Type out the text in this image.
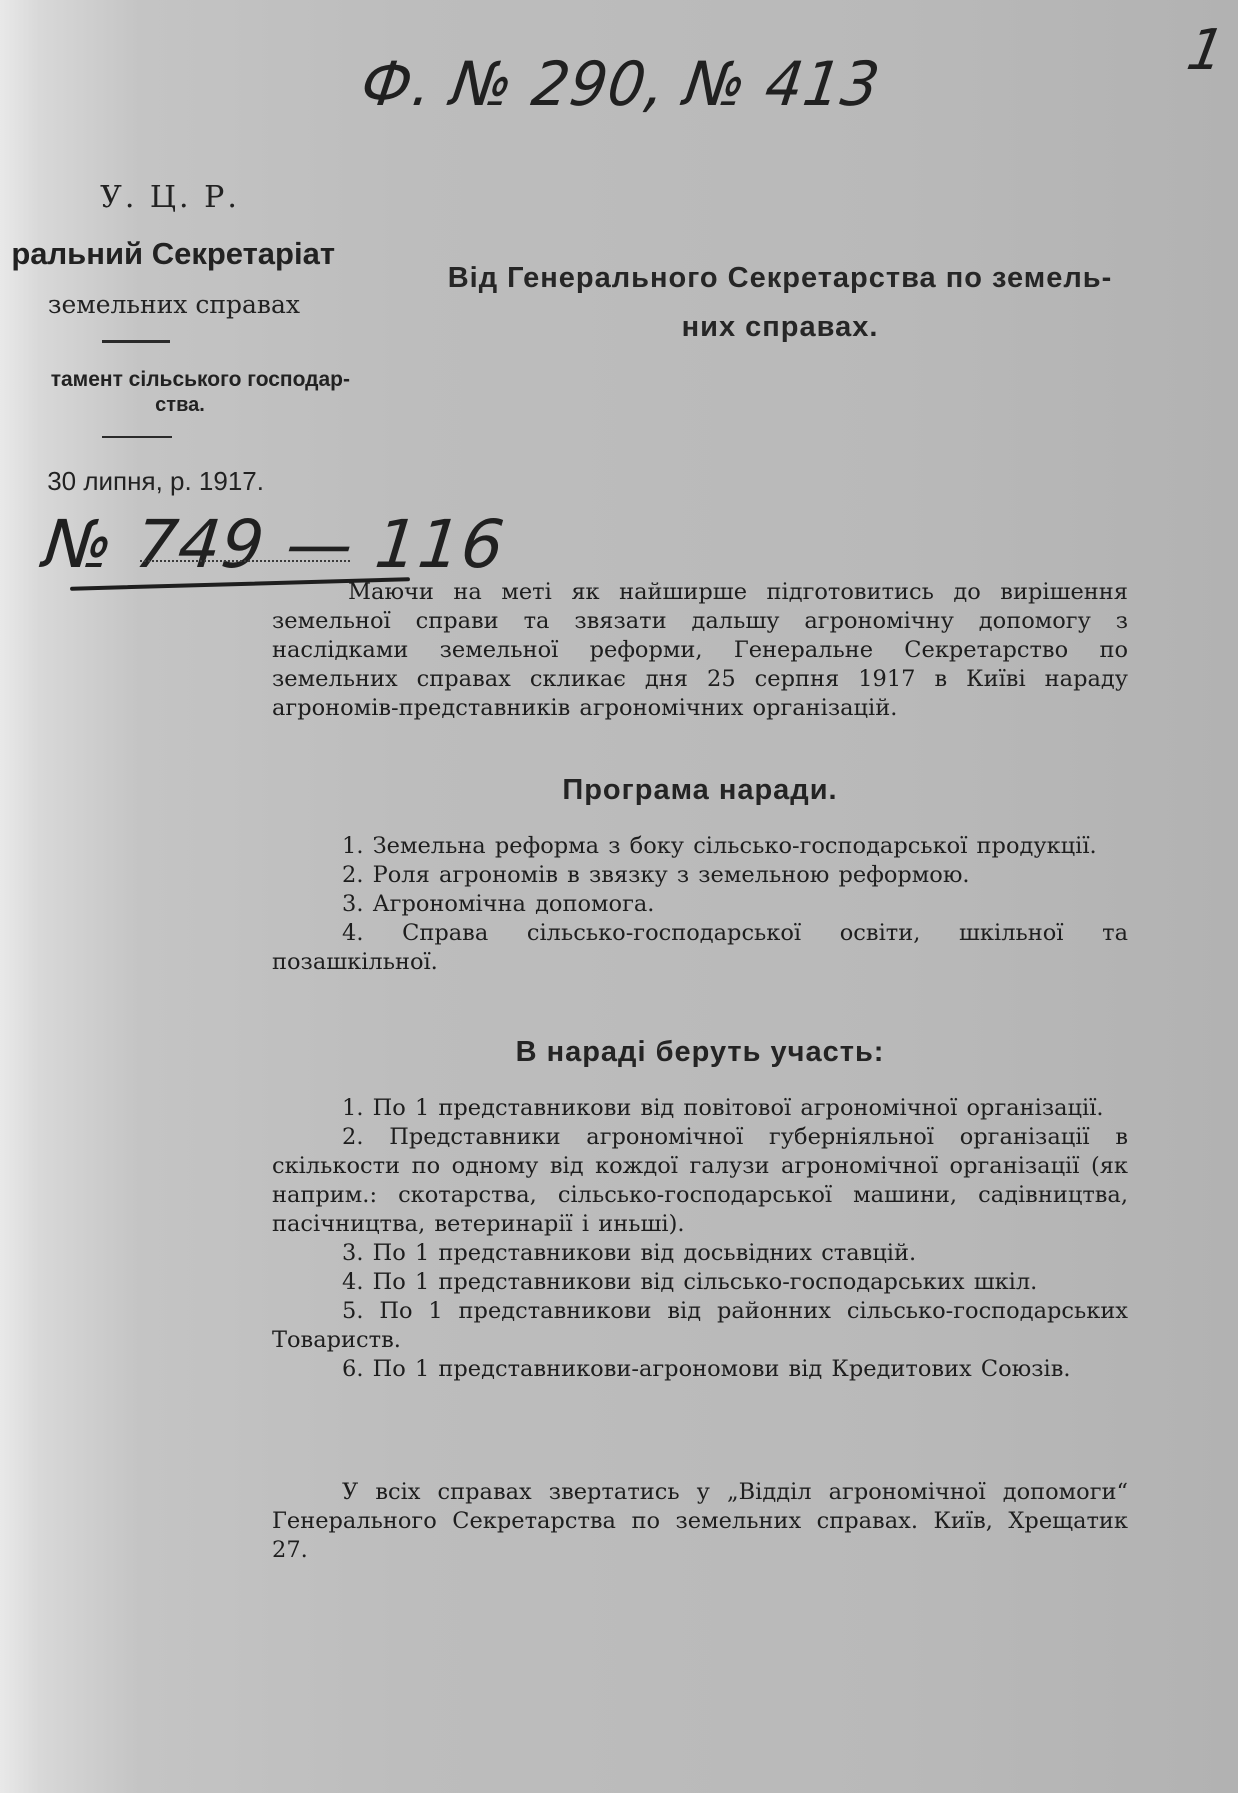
Ф. № 290, № 413	1
У. Ц. Р.
ральний Секретаріат
земельних справах
тамент сільського господар-
ства.
30 липня, р. 1917.
№ 749 — 116
Від Генерального Секретарства по земель-
них справах.
Маючи на меті як найширше підготовитись до вирішення земельної справи та звязати дальшу агрономічну допомогу з наслідками земельної реформи, Генеральне Секретарство по земельних справах скликає дня 25 серпня 1917 в Київі нараду агрономів-представників агрономічних організацій.
Програма наради.
1. Земельна реформа з боку сільсько-господарської продукції.
2. Роля агрономів в звязку з земельною реформою.
3. Агрономічна допомога.
4. Справа сільсько-господарської освіти, шкільної та позашкільної.
В нараді беруть участь:
1. По 1 представникови від повітової агрономічної організації.
2. Представники агрономічної губерніяльної організації в скількости по одному від кождої галузи агрономічної організації (як наприм.: скотарства, сільсько-господарської машини, садівництва, пасічництва, ветеринарії і иньші).
3. По 1 представникови від досьвідних ставцій.
4. По 1 представникови від сільсько-господарських шкіл.
5. По 1 представникови від районних сільсько-господарських Товариств.
6. По 1 представникови-агрономови від Кредитових Союзів.
У всіх справах звертатись у „Відділ агрономічної допомоги“ Генерального Секретарства по земельних справах. Київ, Хрещатик 27.
